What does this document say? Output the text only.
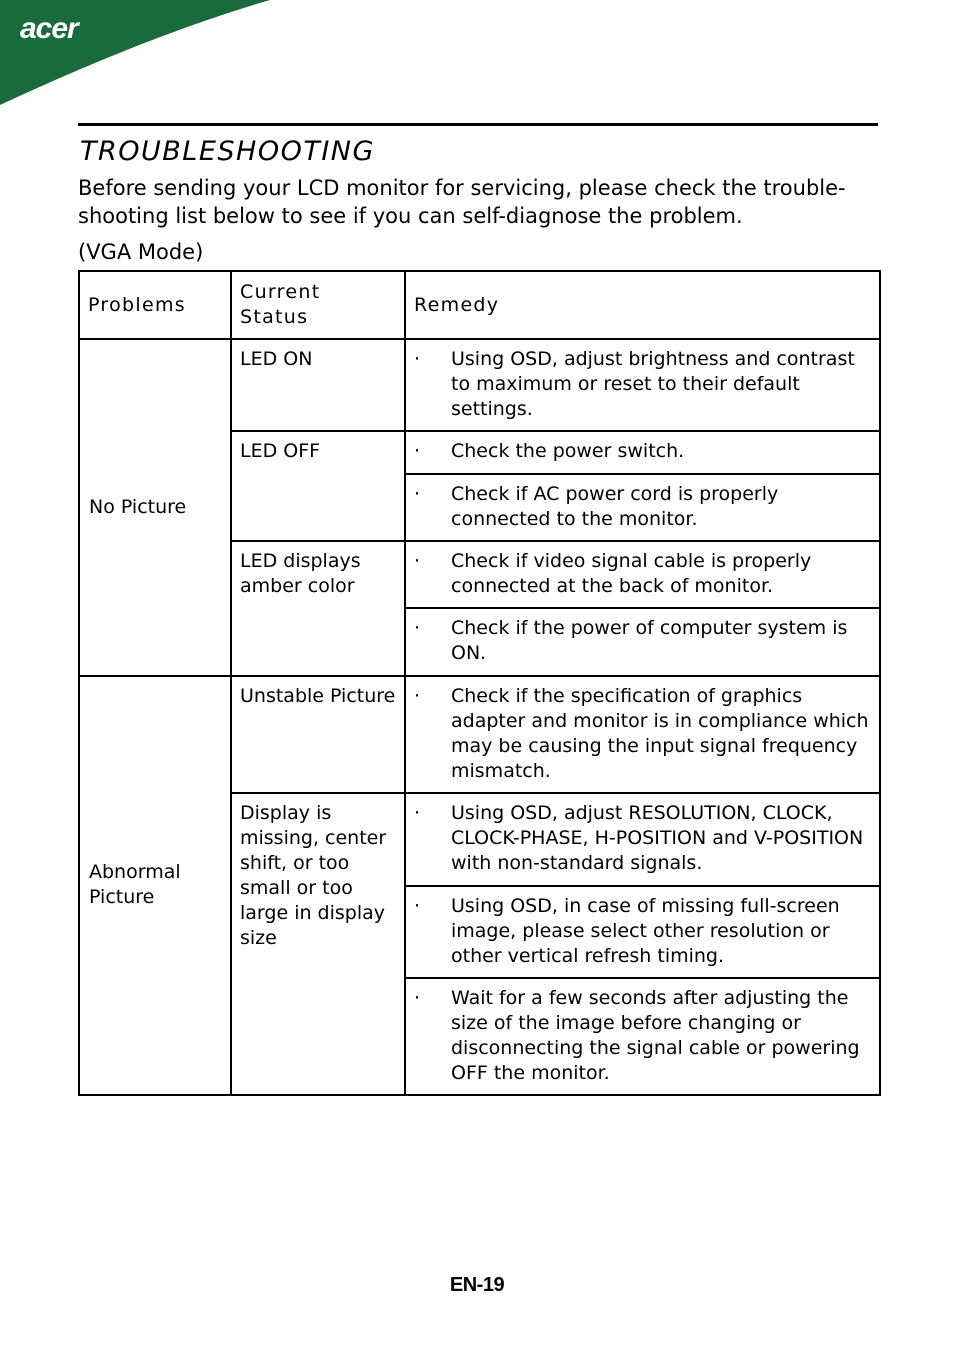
acer
TROUBLESHOOTING

Before sending your LCD monitor for servicing, please check the trouble-shooting list below to see if you can self-diagnose the problem.

(VGA Mode)

Problems	Current Status	Remedy
No Picture	LED ON	· Using OSD, adjust brightness and contrast to maximum or reset to their default settings.

	LED OFF	· Check the power switch.

		· Check if AC power cord is properly connected to the monitor.

	LED displays amber color	· Check if video signal cable is properly connected at the back of monitor.

		· Check if the power of computer system is ON.

Abnormal Picture	Unstable Picture	· Check if the specification of graphics adapter and monitor is in compliance which may be causing the input signal frequency mismatch.

	Display is missing, center shift, or too small or too large in display size	· Using OSD, adjust RESOLUTION, CLOCK, CLOCK-PHASE, H-POSITION and V-POSITION with non-standard signals.

		· Using OSD, in case of missing full-screen image, please select other resolution or other vertical refresh timing.

		· Wait for a few seconds after adjusting the size of the image before changing or disconnecting the signal cable or powering OFF the monitor.
EN-19
